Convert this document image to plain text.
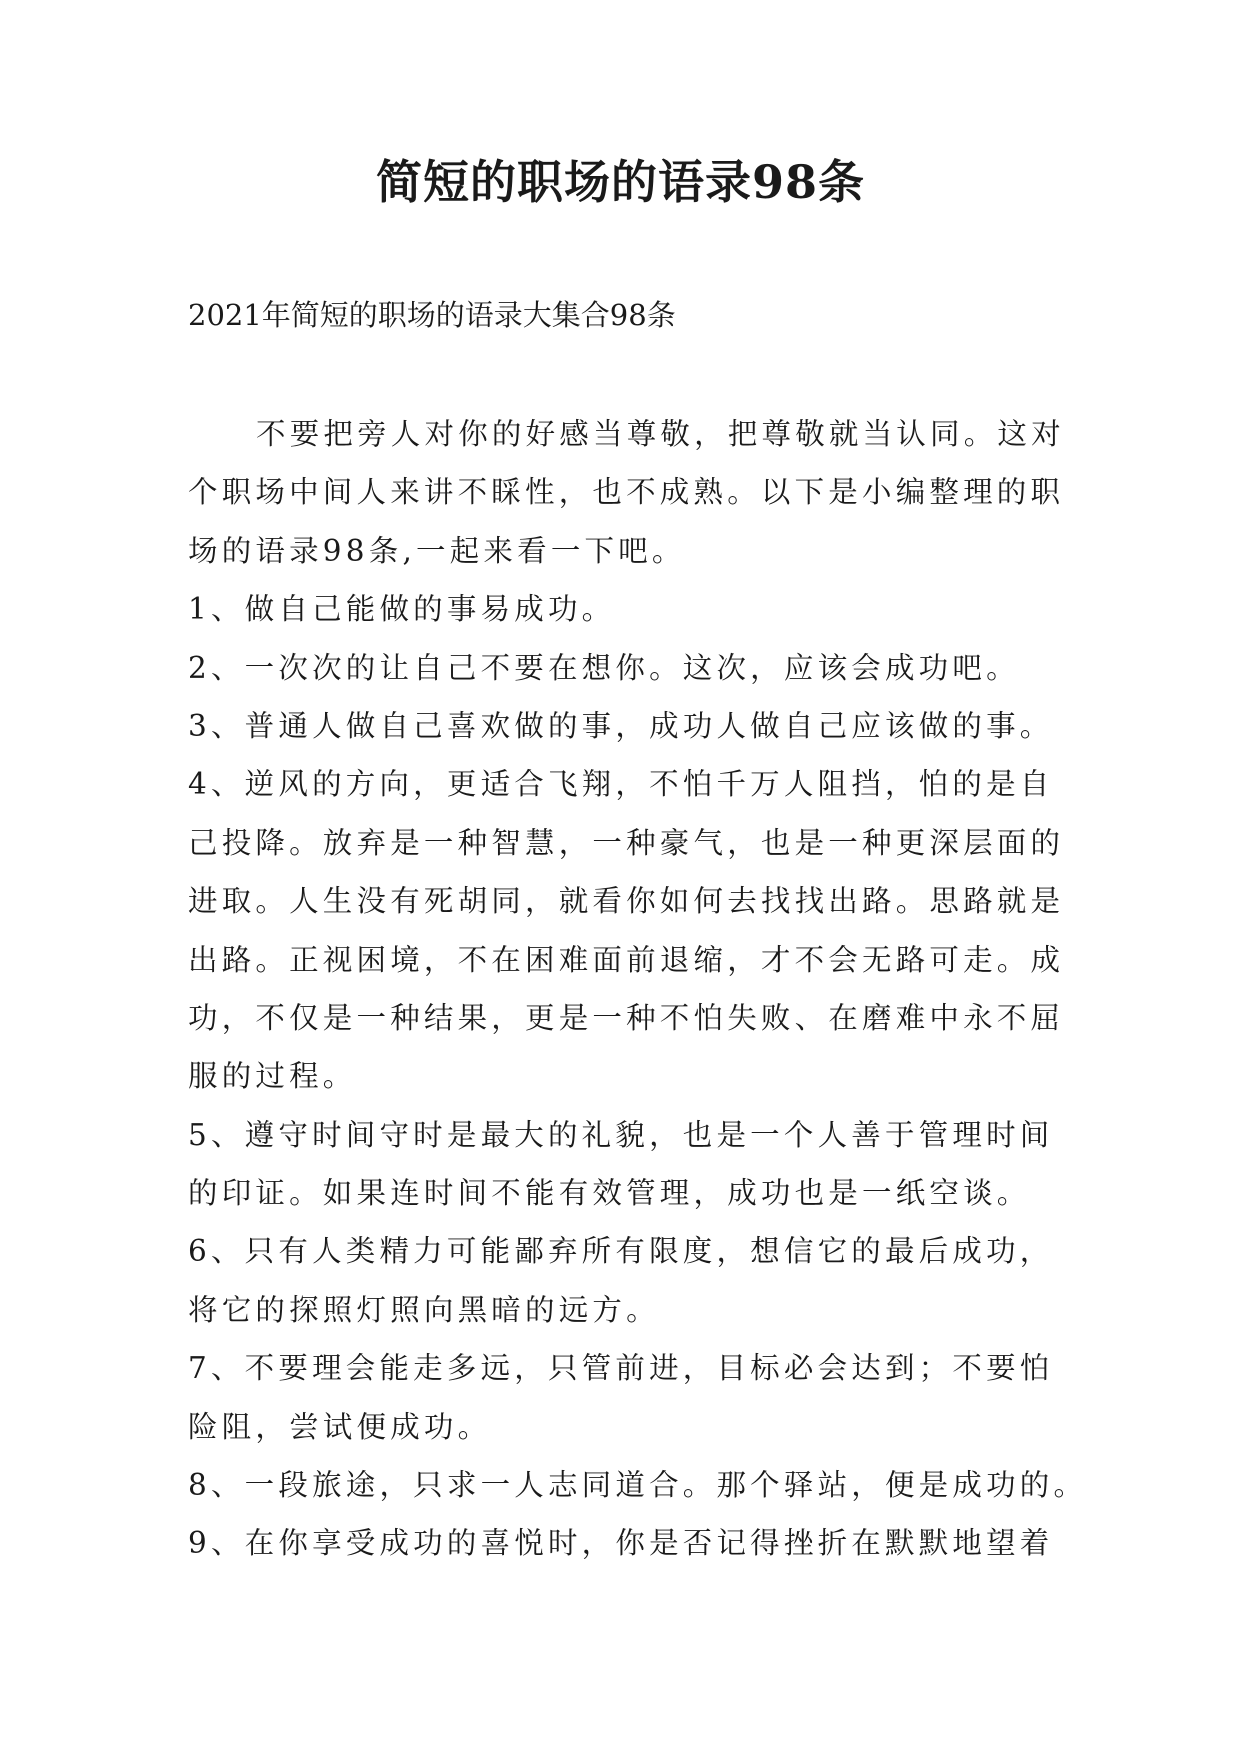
简短的职场的语录98条

2021年简短的职场的语录大集合98条

不要把旁人对你的好感当尊敬，把尊敬就当认同。这对
个职场中间人来讲不睬性，也不成熟。以下是小编整理的职
场的语录98条,一起来看一下吧。
1、做自己能做的事易成功。
2、一次次的让自己不要在想你。这次，应该会成功吧。
3、普通人做自己喜欢做的事，成功人做自己应该做的事。
4、逆风的方向，更适合飞翔，不怕千万人阻挡，怕的是自
己投降。放弃是一种智慧，一种豪气，也是一种更深层面的
进取。人生没有死胡同，就看你如何去找找出路。思路就是
出路。正视困境，不在困难面前退缩，才不会无路可走。成
功，不仅是一种结果，更是一种不怕失败、在磨难中永不屈
服的过程。
5、遵守时间守时是最大的礼貌，也是一个人善于管理时间
的印证。如果连时间不能有效管理，成功也是一纸空谈。
6、只有人类精力可能鄙弃所有限度，想信它的最后成功，
将它的探照灯照向黑暗的远方。
7、不要理会能走多远，只管前进，目标必会达到；不要怕
险阻，尝试便成功。
8、一段旅途，只求一人志同道合。那个驿站，便是成功的。
9、在你享受成功的喜悦时，你是否记得挫折在默默地望着
